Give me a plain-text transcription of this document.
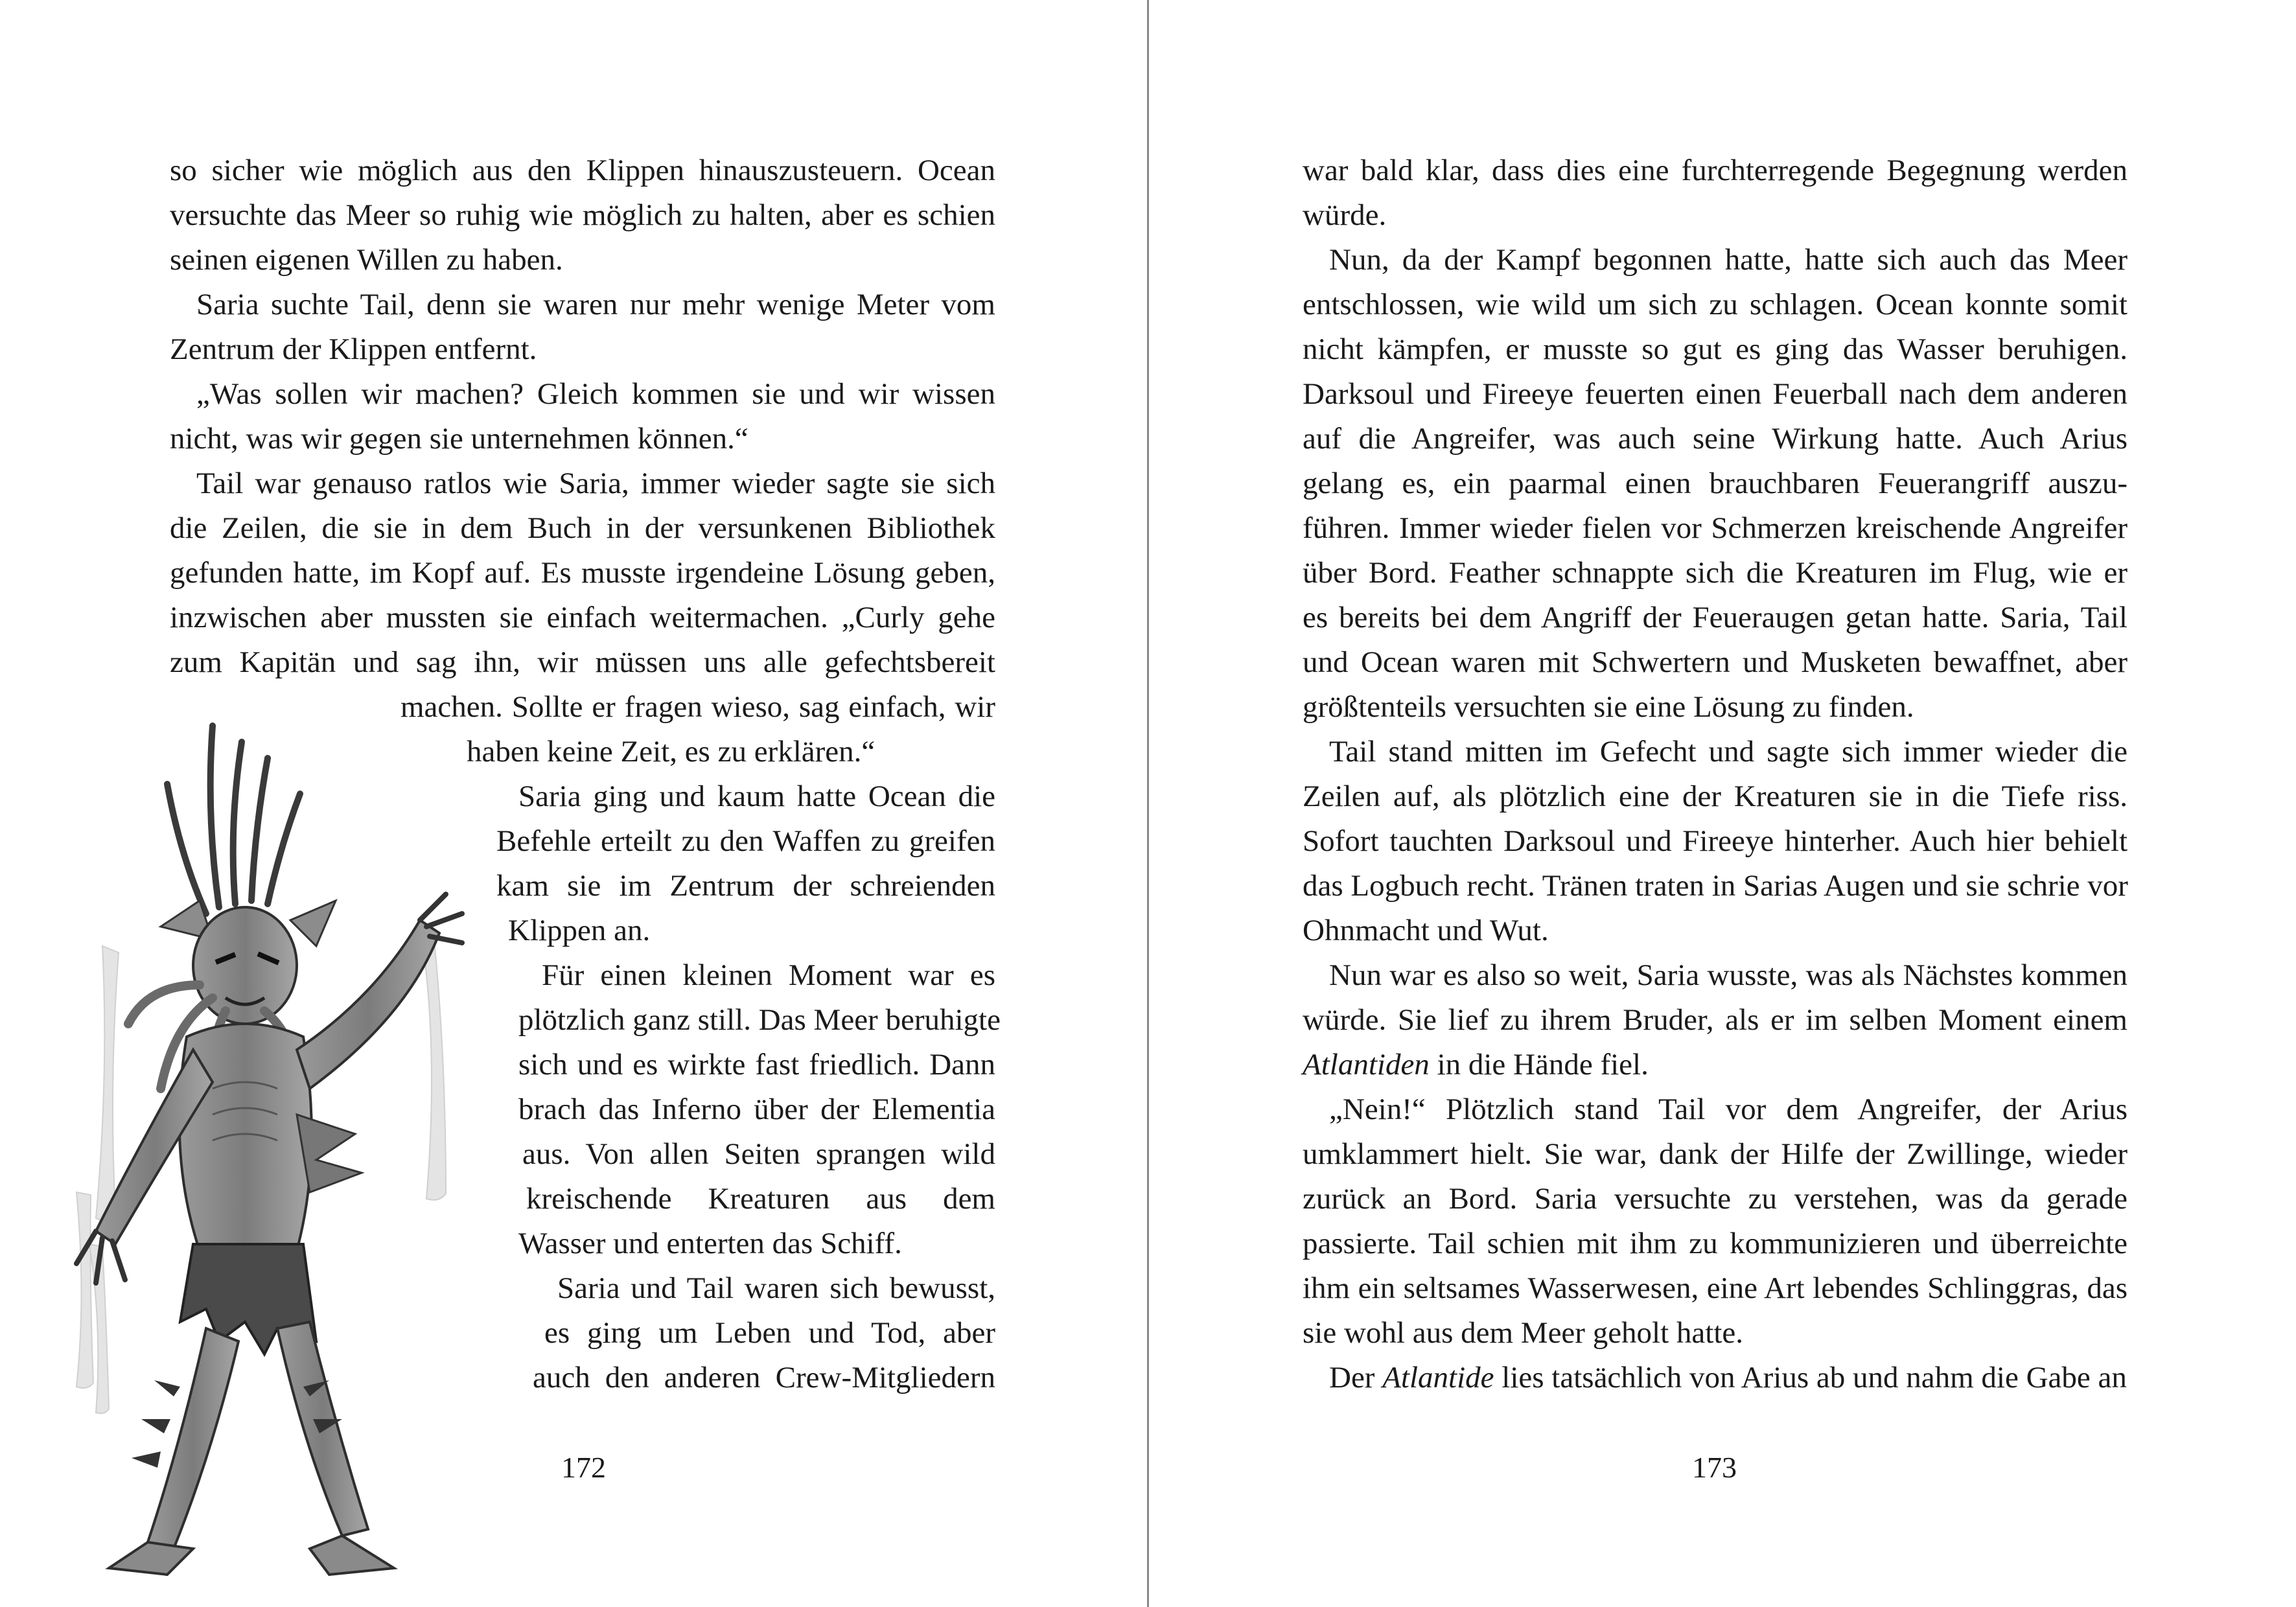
so sicher wie möglich aus den Klippen hinauszusteuern. Ocean
versuchte das Meer so ruhig wie möglich zu halten, aber es schien
seinen eigenen Willen zu haben.
Saria suchte Tail, denn sie waren nur mehr wenige Meter vom
Zentrum der Klippen entfernt.
„Was sollen wir machen? Gleich kommen sie und wir wissen
nicht, was wir gegen sie unternehmen können.“
Tail war genauso ratlos wie Saria, immer wieder sagte sie sich
die Zeilen, die sie in dem Buch in der versunkenen Bibliothek
gefunden hatte, im Kopf auf. Es musste irgendeine Lösung geben,
inzwischen aber mussten sie einfach weitermachen. „Curly gehe
zum Kapitän und sag ihn, wir müssen uns alle gefechtsbereit
machen. Sollte er fragen wieso, sag einfach, wir
haben keine Zeit, es zu erklären.“
Saria ging und kaum hatte Ocean die
Befehle erteilt zu den Waffen zu greifen
kam sie im Zentrum der schreienden
Klippen an.
Für einen kleinen Moment war es
plötzlich ganz still. Das Meer beruhigte
sich und es wirkte fast friedlich. Dann
brach das Inferno über der Elementia
aus. Von allen Seiten sprangen wild
kreischende Kreaturen aus dem
Wasser und enterten das Schiff.
Saria und Tail waren sich bewusst,
es ging um Leben und Tod, aber
auch den anderen Crew-Mitgliedern
172
war bald klar, dass dies eine furchterregende Begegnung werden
würde.
Nun, da der Kampf begonnen hatte, hatte sich auch das Meer
entschlossen, wie wild um sich zu schlagen. Ocean konnte somit
nicht kämpfen, er musste so gut es ging das Wasser beruhigen.
Darksoul und Fireeye feuerten einen Feuerball nach dem anderen
auf die Angreifer, was auch seine Wirkung hatte. Auch Arius
gelang es, ein paarmal einen brauchbaren Feuerangriff auszu-
führen. Immer wieder fielen vor Schmerzen kreischende Angreifer
über Bord. Feather schnappte sich die Kreaturen im Flug, wie er
es bereits bei dem Angriff der Feueraugen getan hatte. Saria, Tail
und Ocean waren mit Schwertern und Musketen bewaffnet, aber
größtenteils versuchten sie eine Lösung zu finden.
Tail stand mitten im Gefecht und sagte sich immer wieder die
Zeilen auf, als plötzlich eine der Kreaturen sie in die Tiefe riss.
Sofort tauchten Darksoul und Fireeye hinterher. Auch hier behielt
das Logbuch recht. Tränen traten in Sarias Augen und sie schrie vor
Ohnmacht und Wut.
Nun war es also so weit, Saria wusste, was als Nächstes kommen
würde. Sie lief zu ihrem Bruder, als er im selben Moment einem
Atlantiden in die Hände fiel.
„Nein!“ Plötzlich stand Tail vor dem Angreifer, der Arius
umklammert hielt. Sie war, dank der Hilfe der Zwillinge, wieder
zurück an Bord. Saria versuchte zu verstehen, was da gerade
passierte. Tail schien mit ihm zu kommunizieren und überreichte
ihm ein seltsames Wasserwesen, eine Art lebendes Schlinggras, das
sie wohl aus dem Meer geholt hatte.
Der Atlantide lies tatsächlich von Arius ab und nahm die Gabe an
173
